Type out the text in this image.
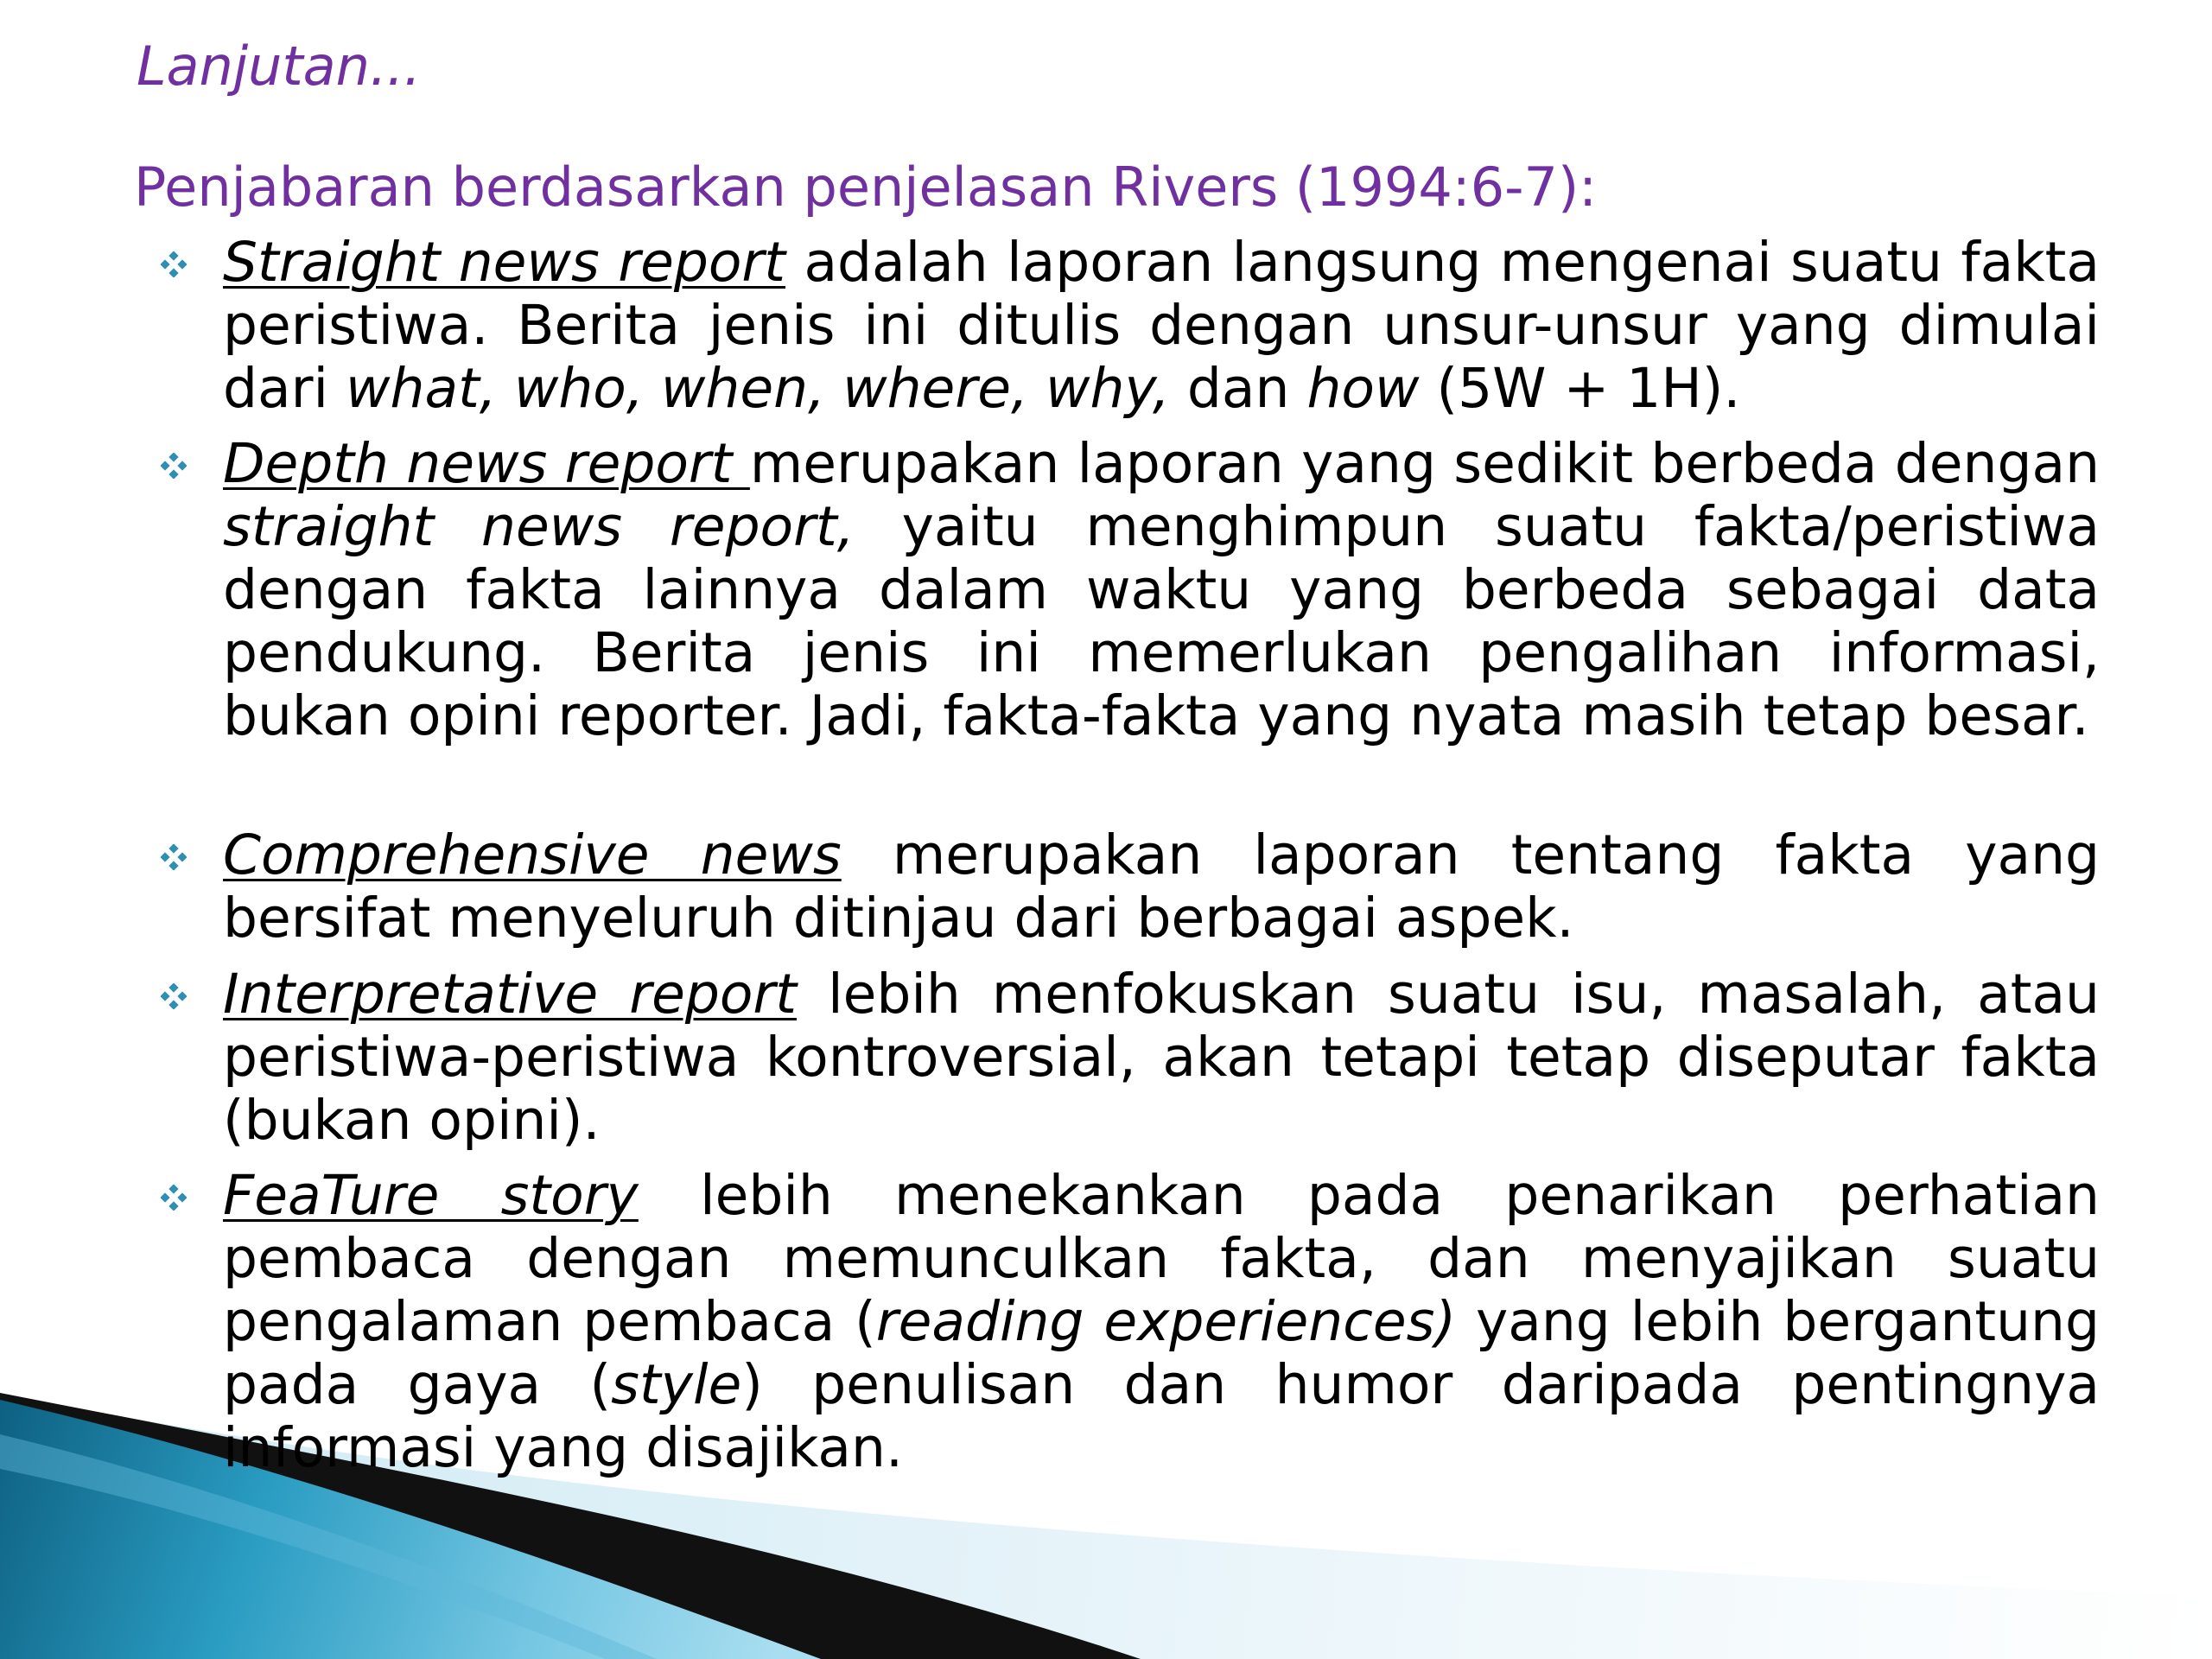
Lanjutan...
Penjabaran berdasarkan penjelasan Rivers (1994:6-7):
Straight news report adalah laporan langsung mengenai suatu fakta peristiwa. Berita jenis ini ditulis dengan unsur-unsur yang dimulai dari what, who, when, where, why, dan how (5W + 1H).
Depth news report merupakan laporan yang sedikit berbeda dengan straight news report, yaitu menghimpun suatu fakta/peristiwa dengan fakta lainnya dalam waktu yang berbeda sebagai data pendukung. Berita jenis ini memerlukan pengalihan informasi, bukan opini reporter. Jadi, fakta-fakta yang nyata masih tetap besar.
Comprehensive news merupakan laporan tentang fakta yang bersifat menyeluruh ditinjau dari berbagai aspek.
Interpretative report lebih menfokuskan suatu isu, masalah, atau peristiwa-peristiwa kontroversial, akan tetapi tetap diseputar fakta (bukan opini).
FeaTure story lebih menekankan pada penarikan perhatian pembaca dengan memunculkan fakta, dan menyajikan suatu pengalaman pembaca (reading experiences) yang lebih bergantung pada gaya (style) penulisan dan humor daripada pentingnya informasi yang disajikan.
